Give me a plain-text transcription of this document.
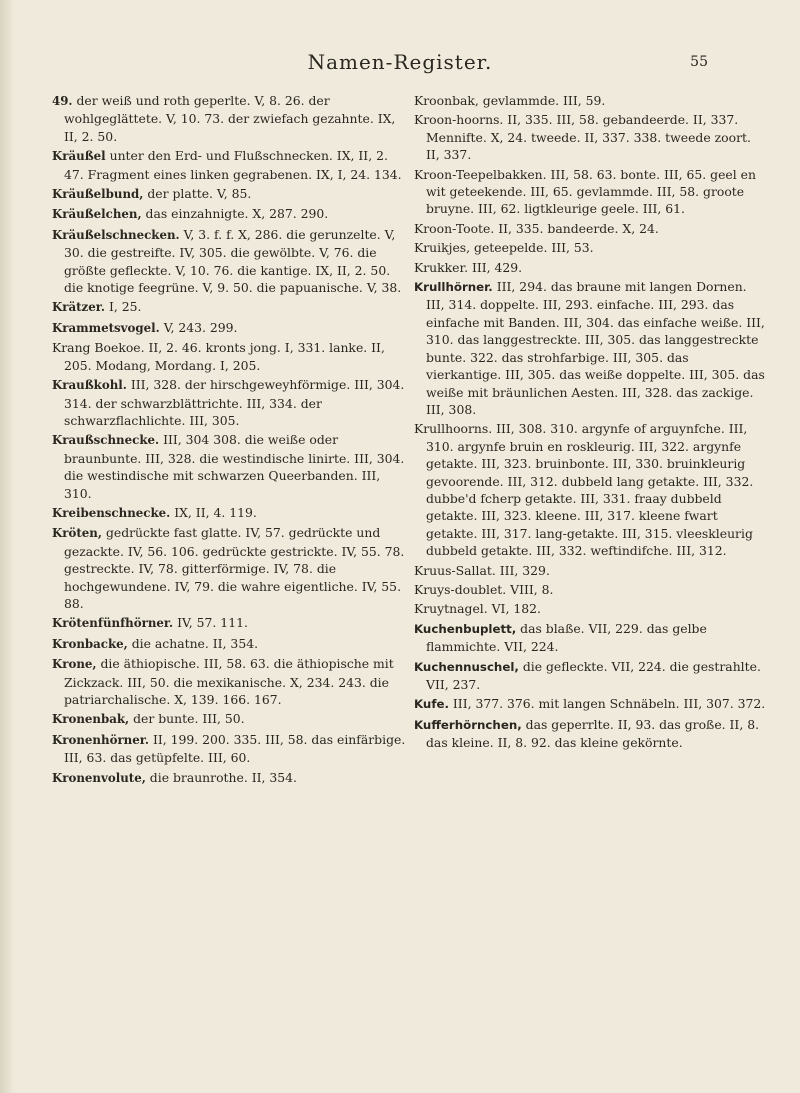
Namen-Register.	55
49. der weiß und roth geperlte. V, 8. 26. der wohlgeglättete. V, 10. 73. der zwiefach gezahnte. IX, II, 2. 50.
Kräußel unter den Erd- und Flußschnecken. IX, II, 2. 47. Fragment eines linken gegrabenen. IX, I, 24. 134.
Kräußelbund, der platte. V, 85.
Kräußelchen, das einzahnigte. X, 287. 290.
Kräußelschnecken. V, 3. f. f. X, 286. die gerunzelte. V, 30. die gestreifte. IV, 305. die gewölbte. V, 76. die größte gefleckte. V, 10. 76. die kantige. IX, II, 2. 50. die knotige feegrüne. V, 9. 50. die papuanische. V, 38.
Krätzer. I, 25.
Krammetsvogel. V, 243. 299.
Krang Boekoe. II, 2. 46. kronts jong. I, 331. lanke. II, 205. Modang, Mordang. I, 205.
Kraußkohl. III, 328. der hirschgeweyhförmige. III, 304. 314. der schwarzblättrichte. III, 334. der schwarzflachlichte. III, 305.
Kraußschnecke. III, 304 308. die weiße oder braunbunte. III, 328. die westindische linirte. III, 304. die westindische mit schwarzen Queerbanden. III, 310.
Kreibenschnecke. IX, II, 4. 119.
Kröten, gedrückte fast glatte. IV, 57. gedrückte und gezackte. IV, 56. 106. gedrückte gestrickte. IV, 55. 78. gestreckte. IV, 78. gitterförmige. IV, 78. die hochgewundene. IV, 79. die wahre eigentliche. IV, 55. 88.
Krötenfünfhörner. IV, 57. 111.
Kronbacke, die achatne. II, 354.
Krone, die äthiopische. III, 58. 63. die äthiopische mit Zickzack. III, 50. die mexikanische. X, 234. 243. die patriarchalische. X, 139. 166. 167.
Kronenbak, der bunte. III, 50.
Kronenhörner. II, 199. 200. 335. III, 58. das einfärbige. III, 63. das getüpfelte. III, 60.
Kronenvolute, die braunrothe. II, 354.
Kroonbak, gevlammde. III, 59.
Kroon-hoorns. II, 335. III, 58. gebandeerde. II, 337. Mennifte. X, 24. tweede. II, 337. 338. tweede zoort. II, 337.
Kroon-Teepelbakken. III, 58. 63. bonte. III, 65. geel en wit geteekende. III, 65. gevlammde. III, 58. groote bruyne. III, 62. ligtkleurige geele. III, 61.
Kroon-Toote. II, 335. bandeerde. X, 24.
Kruikjes, geteepelde. III, 53.
Krukker. III, 429.
Krullhörner. III, 294. das braune mit langen Dornen. III, 314. doppelte. III, 293. einfache. III, 293. das einfache mit Banden. III, 304. das einfache weiße. III, 310. das langgestreckte. III, 305. das langgestreckte bunte. 322. das strohfarbige. III, 305. das vierkantige. III, 305. das weiße doppelte. III, 305. das weiße mit bräunlichen Aesten. III, 328. das zackige. III, 308.
Krullhoorns. III, 308. 310. argynfe of arguynfche. III, 310. argynfe bruin en roskleurig. III, 322. argynfe getakte. III, 323. bruinbonte. III, 330. bruinkleurig gevoorende. III, 312. dubbeld lang getakte. III, 332. dubbe'd fcherp getakte. III, 331. fraay dubbeld getakte. III, 323. kleene. III, 317. kleene fwart getakte. III, 317. lang-getakte. III, 315. vleeskleurig dubbeld getakte. III, 332. weftindifche. III, 312.
Kruus-Sallat. III, 329.
Kruys-doublet. VIII, 8.
Kruytnagel. VI, 182.
Kuchenbuplett, das blaße. VII, 229. das gelbe flammichte. VII, 224.
Kuchennuschel, die gefleckte. VII, 224. die gestrahlte. VII, 237.
Kufe. III, 377. 376. mit langen Schnäbeln. III, 307. 372.
Kufferhörnchen, das geperrlte. II, 93. das große. II, 8. das kleine. II, 8. 92. das kleine gekörnte.
